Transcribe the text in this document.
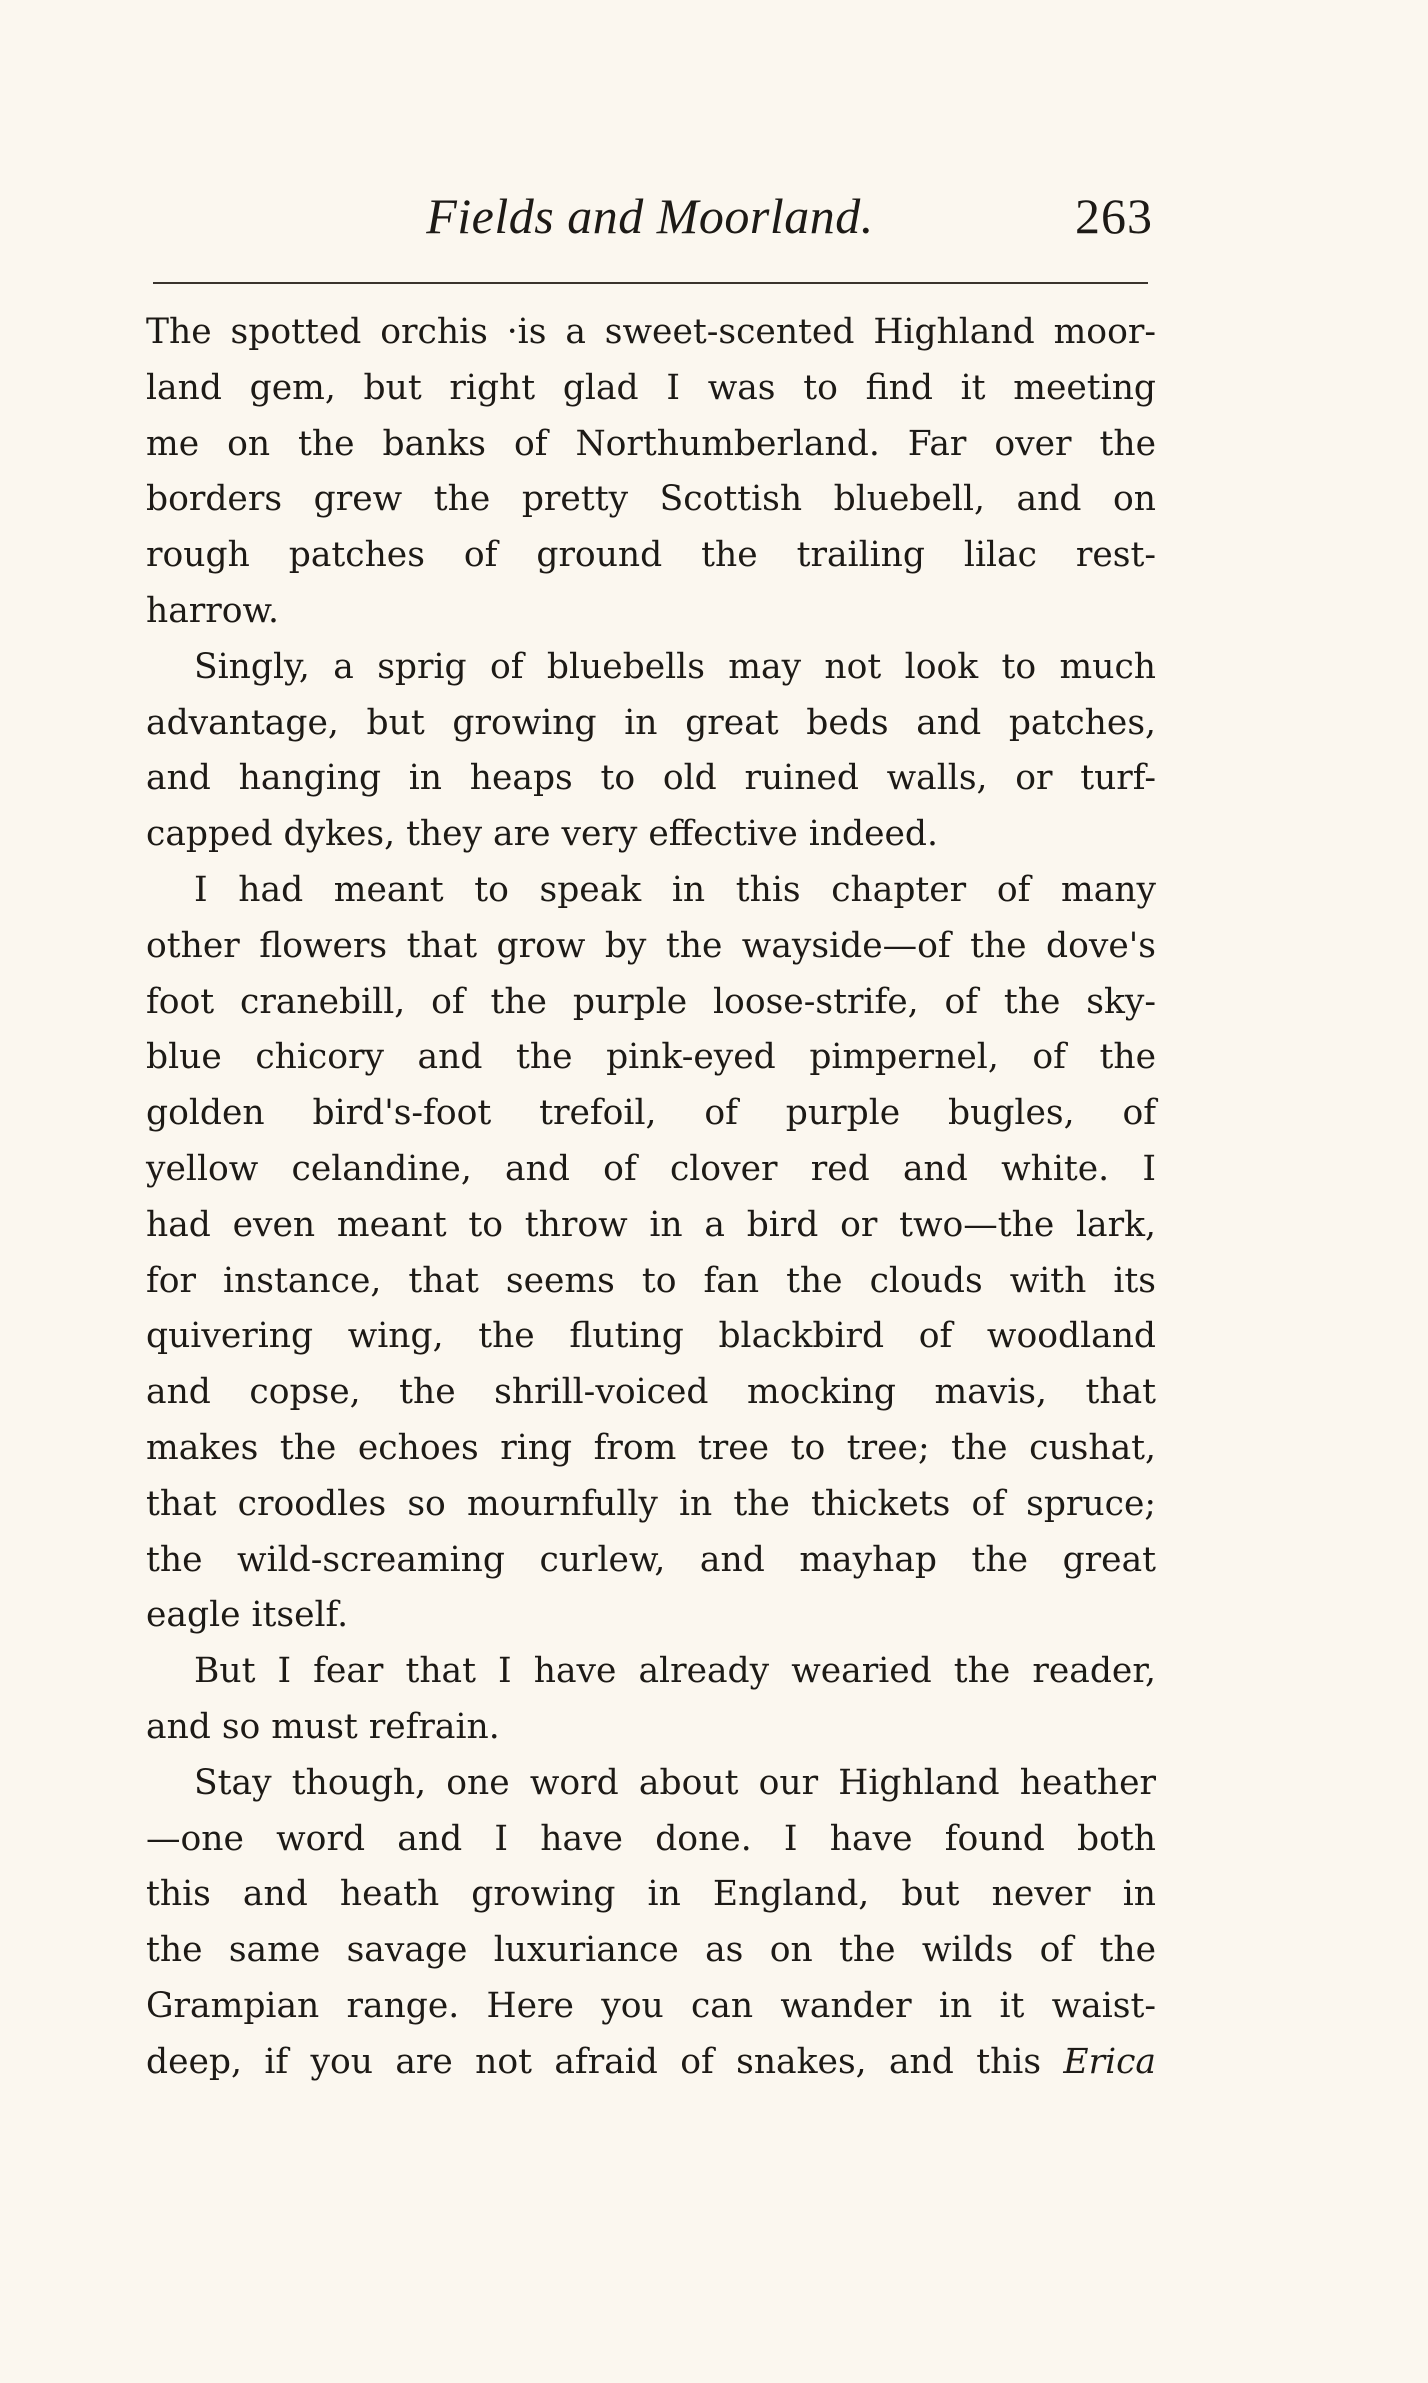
Fields and Moorland.	263

The spotted orchis ·is a sweet-scented Highland moor-
land gem, but right glad I was to find it meeting
me on the banks of Northumberland. Far over the
borders grew the pretty Scottish bluebell, and on
rough patches of ground the trailing lilac rest-
harrow.

Singly, a sprig of bluebells may not look to much
advantage, but growing in great beds and patches,
and hanging in heaps to old ruined walls, or turf-
capped dykes, they are very effective indeed.

I had meant to speak in this chapter of many
other flowers that grow by the wayside—of the dove's
foot cranebill, of the purple loose-strife, of the sky-
blue chicory and the pink-eyed pimpernel, of the
golden bird's-foot trefoil, of purple bugles, of
yellow celandine, and of clover red and white. I
had even meant to throw in a bird or two—the lark,
for instance, that seems to fan the clouds with its
quivering wing, the fluting blackbird of woodland
and copse, the shrill-voiced mocking mavis, that
makes the echoes ring from tree to tree; the cushat,
that croodles so mournfully in the thickets of spruce;
the wild-screaming curlew, and mayhap the great
eagle itself.

But I fear that I have already wearied the reader,
and so must refrain.

Stay though, one word about our Highland heather
—one word and I have done. I have found both
this and heath growing in England, but never in
the same savage luxuriance as on the wilds of the
Grampian range. Here you can wander in it waist-
deep, if you are not afraid of snakes, and this Erica
